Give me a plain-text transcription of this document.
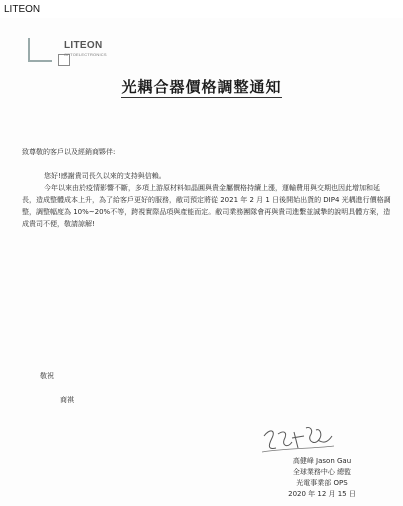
LITEON
LITEON
OPTOELECTRONICS
光耦合器價格調整通知
致尊敬的客戶以及經銷商夥伴:
您好!感謝貴司長久以來的支持與信賴。
今年以來由於疫情影響不斷，多項上游原材料如晶圓與貴金屬價格持續上漲，運輸費用與交期也因此增加和延長，造成整體成本上升，為了給客戶更好的服務，敝司預定將從 2021 年 2 月 1 日後開始出貨的 DIP4 光耦進行價格調整，調整幅度為 10%~20%不等，跨視實際品項與產能而定。敝司業務團隊會再與貴司進繫並誠摯的說明具體方案，造成貴司不便，敬請諒解!
敬祝
商祺
高健峰 Jason Gau
全球業務中心 總監
光電事業部 OPS
2020 年 12 月 15 日
